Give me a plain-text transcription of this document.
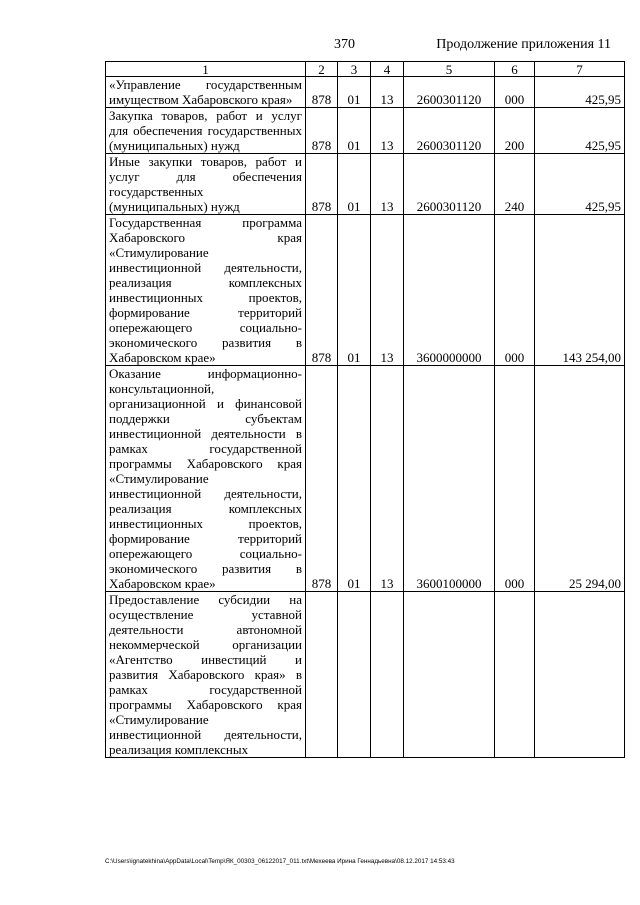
370	Продолжение приложения 11
1	2	3	4	5	6	7
«Управление государственным имуществом Хабаровского края»	878	01	13	2600301120	000	425,95
Закупка товаров, работ и услуг для обеспечения государственных (муниципальных) нужд	878	01	13	2600301120	200	425,95
Иные закупки товаров, работ и услуг для обеспечения государственных (муниципальных) нужд	878	01	13	2600301120	240	425,95
Государственная программа Хабаровского края «Стимулирование инвестиционной деятельности, реализация комплексных инвестиционных проектов, формирование территорий опережающего социально-экономического развития в Хабаровском крае»	878	01	13	3600000000	000	143 254,00
Оказание информационно-консультационной, организационной и финансовой поддержки субъектам инвестиционной деятельности в рамках государственной программы Хабаровского края «Стимулирование инвестиционной деятельности, реализация комплексных инвестиционных проектов, формирование территорий опережающего социально-экономического развития в Хабаровском крае»	878	01	13	3600100000	000	25 294,00
Предоставление субсидии на осуществление уставной деятельности автономной некоммерческой организации «Агентство инвестиций и развития Хабаровского края» в рамках государственной программы Хабаровского края «Стимулирование инвестиционной деятельности, реализация комплексных						
C:\Users\ignatekhina\AppData\Local\Temp\ЯК_00303_06122017_011.txt\Мехеева Ирина Геннадьевна\08.12.2017 14:53:43
